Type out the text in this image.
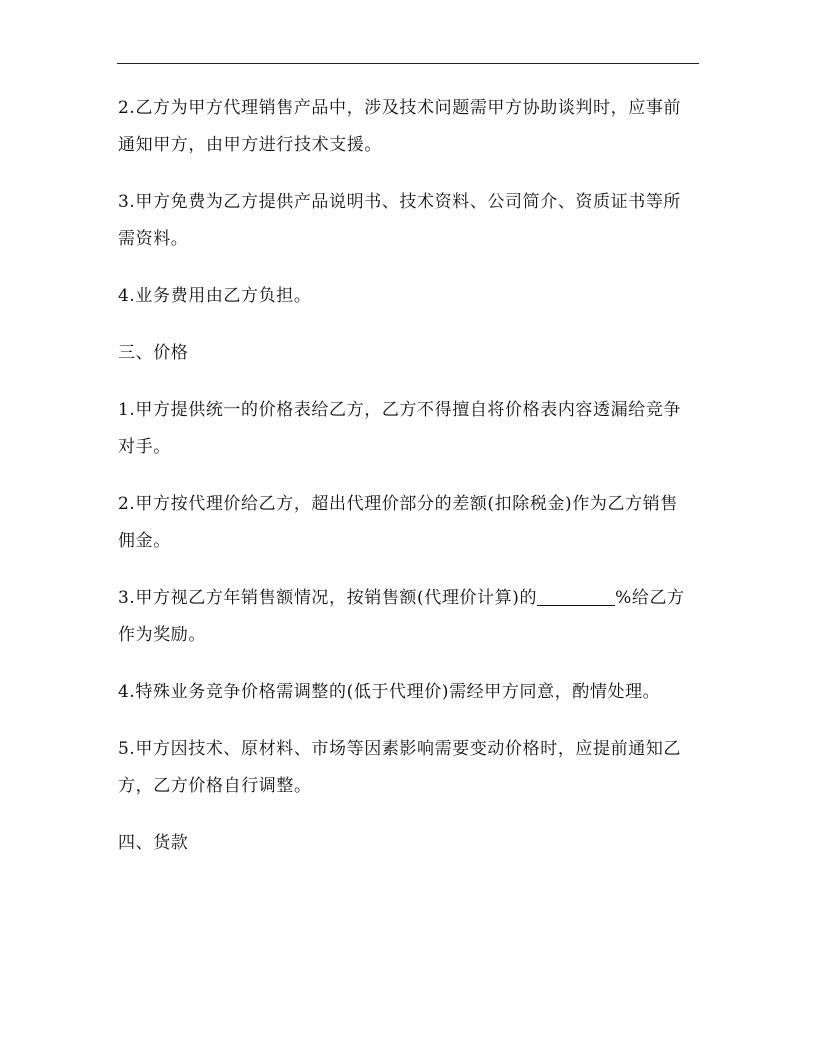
2.乙方为甲方代理销售产品中，涉及技术问题需甲方协助谈判时，应事前通知甲方，由甲方进行技术支援。

3.甲方免费为乙方提供产品说明书、技术资料、公司简介、资质证书等所需资料。

4.业务费用由乙方负担。

三、价格

1.甲方提供统一的价格表给乙方，乙方不得擅自将价格表内容透漏给竞争对手。

2.甲方按代理价给乙方，超出代理价部分的差额(扣除税金)作为乙方销售佣金。

3.甲方视乙方年销售额情况，按销售额(代理价计算)的	%给乙方作为奖励。

4.特殊业务竞争价格需调整的(低于代理价)需经甲方同意，酌情处理。

5.甲方因技术、原材料、市场等因素影响需要变动价格时，应提前通知乙方，乙方价格自行调整。

四、货款
